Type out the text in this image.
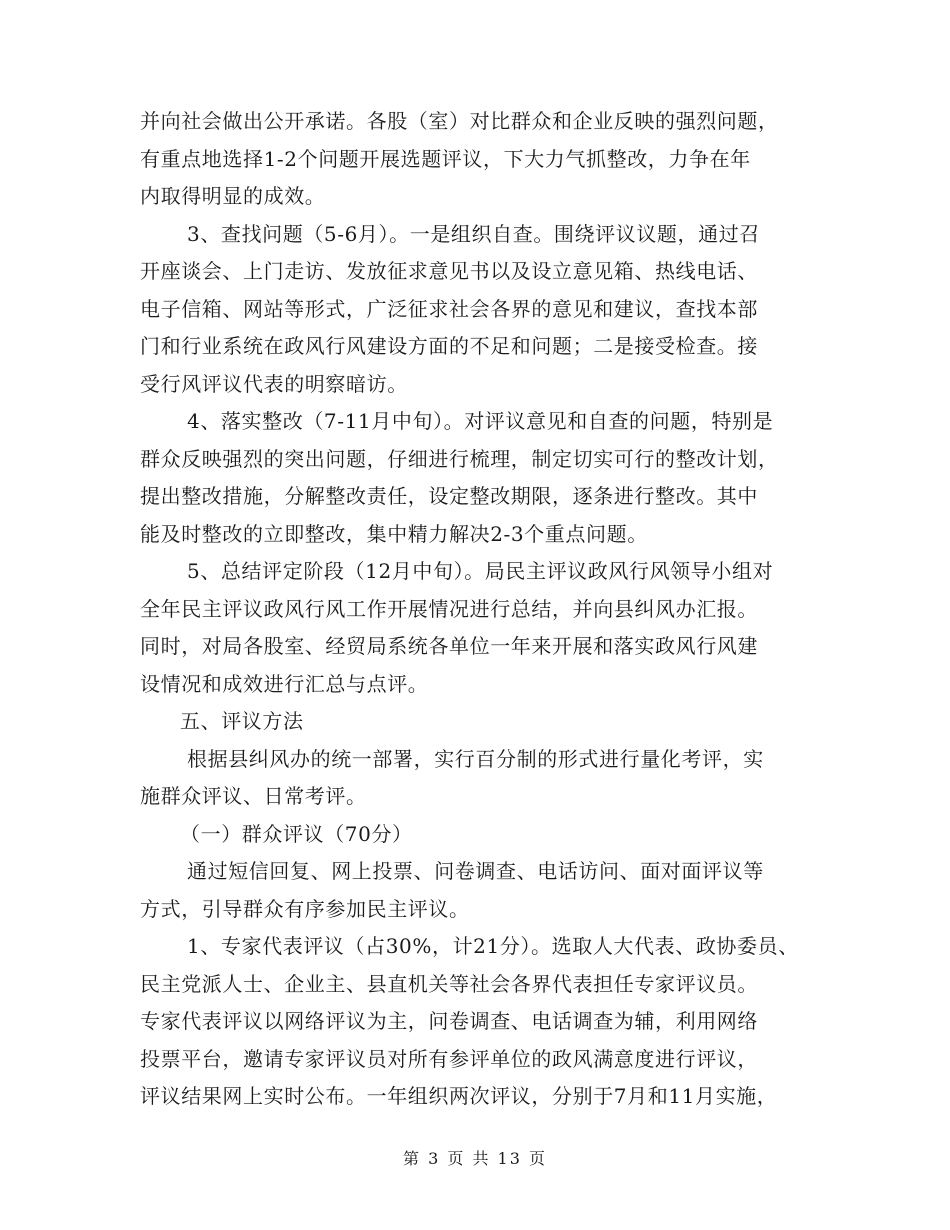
并向社会做出公开承诺。各股（室）对比群众和企业反映的强烈问题，
有重点地选择1-2个问题开展选题评议，下大力气抓整改，力争在年
内取得明显的成效。
3、查找问题（5-6月）。一是组织自查。围绕评议议题，通过召
开座谈会、上门走访、发放征求意见书以及设立意见箱、热线电话、
电子信箱、网站等形式，广泛征求社会各界的意见和建议，查找本部
门和行业系统在政风行风建设方面的不足和问题；二是接受检查。接
受行风评议代表的明察暗访。
4、落实整改（7-11月中旬）。对评议意见和自查的问题，特别是
群众反映强烈的突出问题，仔细进行梳理，制定切实可行的整改计划，
提出整改措施，分解整改责任，设定整改期限，逐条进行整改。其中
能及时整改的立即整改，集中精力解决2-3个重点问题。
5、总结评定阶段（12月中旬）。局民主评议政风行风领导小组对
全年民主评议政风行风工作开展情况进行总结，并向县纠风办汇报。
同时，对局各股室、经贸局系统各单位一年来开展和落实政风行风建
设情况和成效进行汇总与点评。
五、评议方法
根据县纠风办的统一部署，实行百分制的形式进行量化考评，实
施群众评议、日常考评。
（一）群众评议（70分）
通过短信回复、网上投票、问卷调查、电话访问、面对面评议等
方式，引导群众有序参加民主评议。
1、专家代表评议（占30%，计21分）。选取人大代表、政协委员、
民主党派人士、企业主、县直机关等社会各界代表担任专家评议员。
专家代表评议以网络评议为主，问卷调查、电话调查为辅，利用网络
投票平台，邀请专家评议员对所有参评单位的政风满意度进行评议，
评议结果网上实时公布。一年组织两次评议，分别于7月和11月实施，
第 3 页 共 13 页
